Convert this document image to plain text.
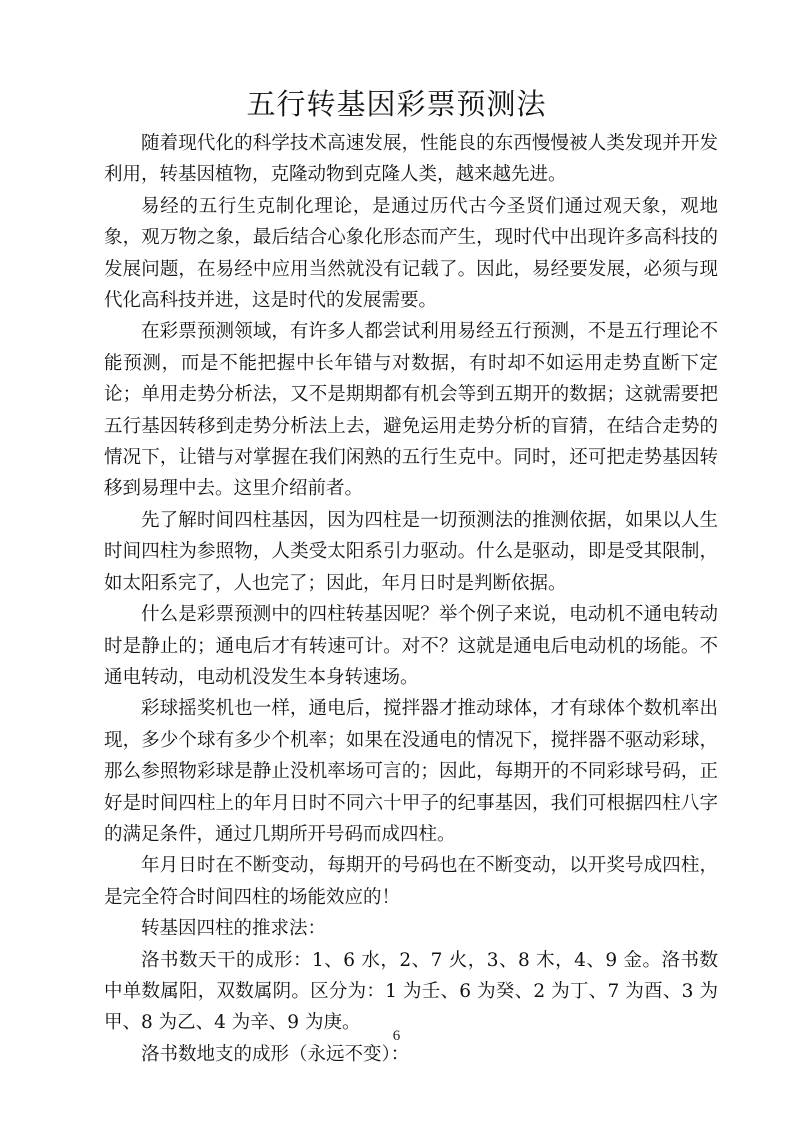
五行转基因彩票预测法

随着现代化的科学技术高速发展，性能良的东西慢慢被人类发现并开发利用，转基因植物，克隆动物到克隆人类，越来越先进。

易经的五行生克制化理论，是通过历代古今圣贤们通过观天象，观地象，观万物之象，最后结合心象化形态而产生，现时代中出现许多高科技的发展问题，在易经中应用当然就没有记载了。因此，易经要发展，必须与现代化高科技并进，这是时代的发展需要。

在彩票预测领域，有许多人都尝试利用易经五行预测，不是五行理论不能预测，而是不能把握中长年错与对数据，有时却不如运用走势直断下定论；单用走势分析法，又不是期期都有机会等到五期开的数据；这就需要把五行基因转移到走势分析法上去，避免运用走势分析的盲猜，在结合走势的情况下，让错与对掌握在我们闲熟的五行生克中。同时，还可把走势基因转移到易理中去。这里介绍前者。

先了解时间四柱基因，因为四柱是一切预测法的推测依据，如果以人生时间四柱为参照物，人类受太阳系引力驱动。什么是驱动，即是受其限制，如太阳系完了，人也完了；因此，年月日时是判断依据。

什么是彩票预测中的四柱转基因呢？举个例子来说，电动机不通电转动时是静止的；通电后才有转速可计。对不？这就是通电后电动机的场能。不通电转动，电动机没发生本身转速场。

彩球摇奖机也一样，通电后，搅拌器才推动球体，才有球体个数机率出现，多少个球有多少个机率；如果在没通电的情况下，搅拌器不驱动彩球，那么参照物彩球是静止没机率场可言的；因此，每期开的不同彩球号码，正好是时间四柱上的年月日时不同六十甲子的纪事基因，我们可根据四柱八字的满足条件，通过几期所开号码而成四柱。

年月日时在不断变动，每期开的号码也在不断变动，以开奖号成四柱，是完全符合时间四柱的场能效应的！

转基因四柱的推求法：

洛书数天干的成形：1、6 水，2、7 火，3、8 木，4、9 金。洛书数中单数属阳，双数属阴。区分为：1 为壬、6 为癸、2 为丁、7 为酉、3 为甲、8 为乙、4 为辛、9 为庚。

洛书数地支的成形（永远不变）：

6
